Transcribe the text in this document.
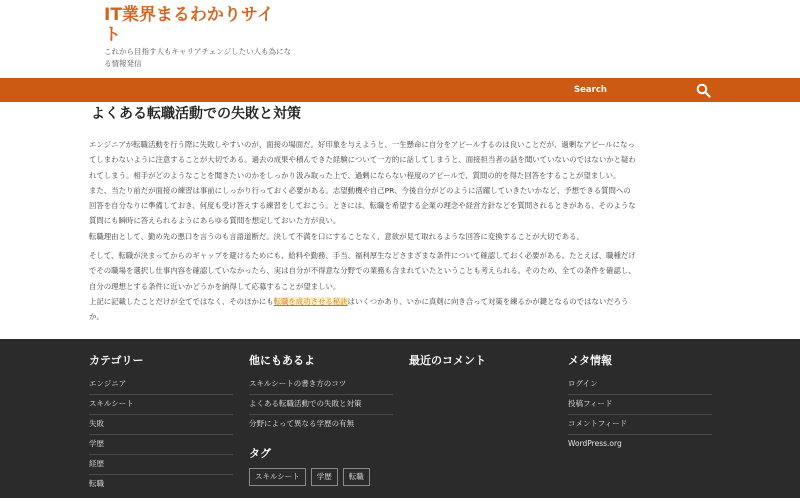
IT業界まるわかりサイト
これから目指す人もキャリアチェンジしたい人も為になる情報発信
Search
よくある転職活動での失敗と対策
エンジニアが転職活動を行う際に失敗しやすいのが、面接の場面だ。好印象を与えようと、一生懸命に自分をアピールするのは良いことだが、過剰なアピールになっ
てしまわないように注意することが大切である。過去の成果や積んできた経験について一方的に話してしまうと、面接担当者の話を聞いていないのではないかと疑わ
れてしまう。相手がどのようなことを聞きたいのかをしっかり汲み取った上で、過剰にならない程度のアピールで、質問の的を得た回答をすることが望ましい。
また、当たり前だが面接の練習は事前にしっかり行っておく必要がある。志望動機や自己PR、今後自分がどのように活躍していきたいかなど、予想できる質問への
回答を自分なりに準備しておき、何度も受け答えする練習をしておこう。ときには、転職を希望する企業の理念や経営方針などを質問されるときがある、そのような
質問にも瞬時に答えられるようにあらゆる質問を想定しておいた方が良い。
転職理由として、勤め先の悪口を言うのも言語道断だ。決して不満を口にすることなく、意欲が見て取れるような回答に変換することが大切である。
そして、転職が決まってからのギャップを避けるためにも、給料や勤務、手当、福利厚生などさまざまな条件について確認しておく必要がある。たとえば、職種だけ
でその職場を選択し仕事内容を確認していなかったら、実は自分が不得意な分野での業務も含まれていたということも考えられる。そのため、全ての条件を確認し、
自分の理想とする条件に近いかどうかを納得して応募することが望ましい。
上記に記載したことだけが全てではなく、そのほかにも転職を成功させる秘訣はいくつかあり、いかに真剣に向き合って対策を練るかが鍵となるのではないだろう
か。
カテゴリー
エンジニア
スキルシート
失敗
学歴
経歴
転職
他にもあるよ
スキルシートの書き方のコツ
よくある転職活動での失敗と対策
分野によって異なる学歴の有無
タグ
スキルシート	学歴	転職
最近のコメント	メタ情報
ログイン
投稿フィード
コメントフィード
WordPress.org
